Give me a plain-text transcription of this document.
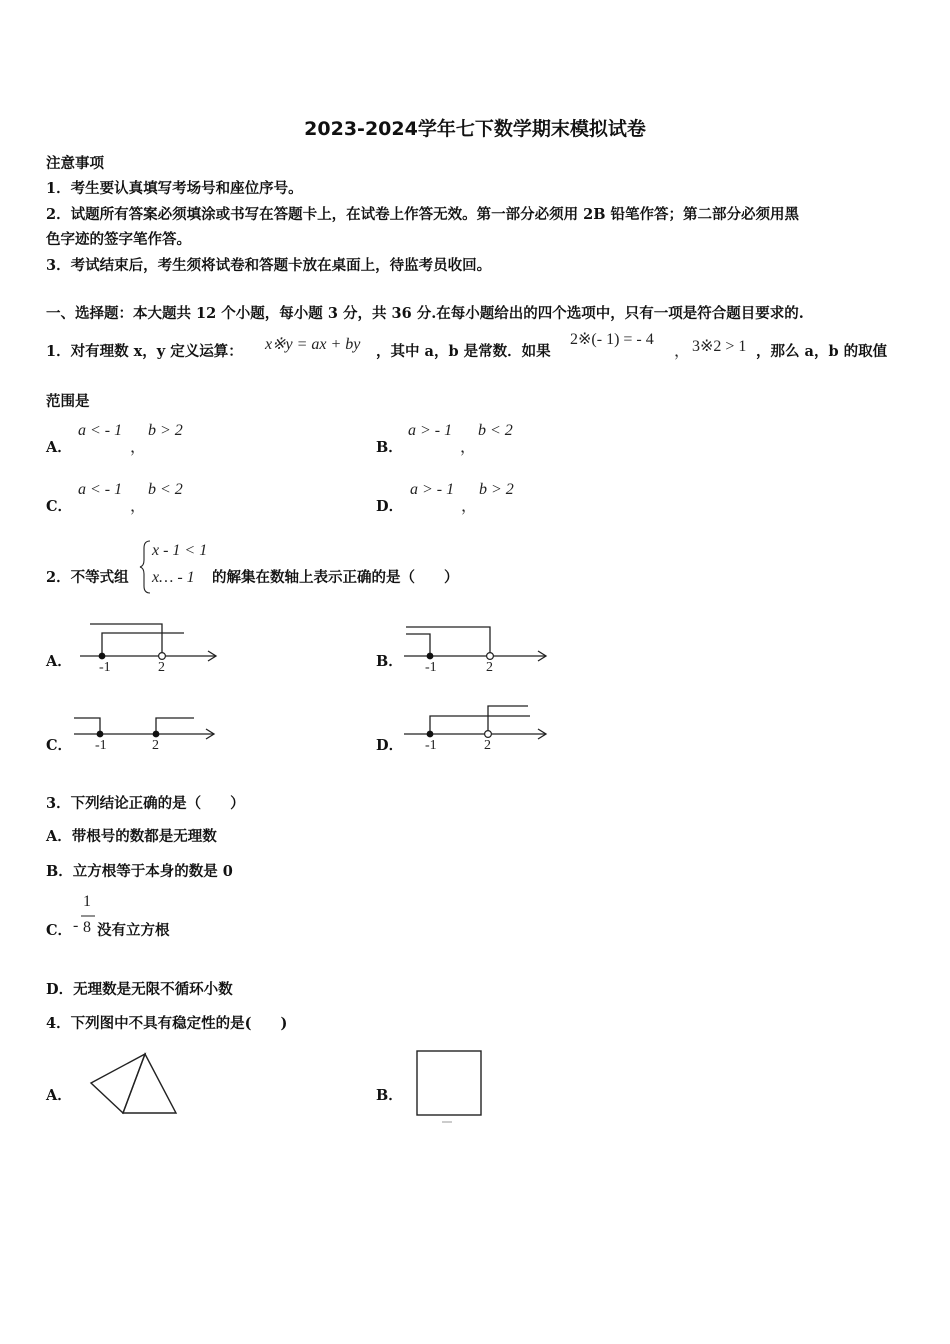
2023-2024学年七下数学期末模拟试卷
注意事项
1．考生要认真填写考场号和座位序号。
2．试题所有答案必须填涂或书写在答题卡上，在试卷上作答无效。第一部分必须用 2B 铅笔作答；第二部分必须用黑
色字迹的签字笔作答。
3．考试结束后，考生须将试卷和答题卡放在桌面上，待监考员收回。
一、选择题：本大题共 12 个小题，每小题 3 分，共 36 分.在每小题给出的四个选项中，只有一项是符合题目要求的.
1．对有理数 x，y 定义运算： x※y = ax + by ，其中 a，b 是常数．如果
2※(- 1) = - 4
， 3※2 > 1 ，那么 a，b 的取值
范围是
A．
a < - 1
，
b > 2
B．
a > - 1
，
b < 2
C．
a < - 1
，
b < 2
D．
a > - 1
，
b > 2
2．不等式组
x - 1 < 1
x… - 1 的解集在数轴上表示正确的是（　　）
A． -1	2	B． -1	2
C． -1	2	D． -1	2
3．下列结论正确的是（　　）
A．带根号的数都是无理数
B．立方根等于本身的数是 0
C． -
1
8 没有立方根
D．无理数是无限不循环小数
4．下列图中不具有稳定性的是(　　)
A．	B．
